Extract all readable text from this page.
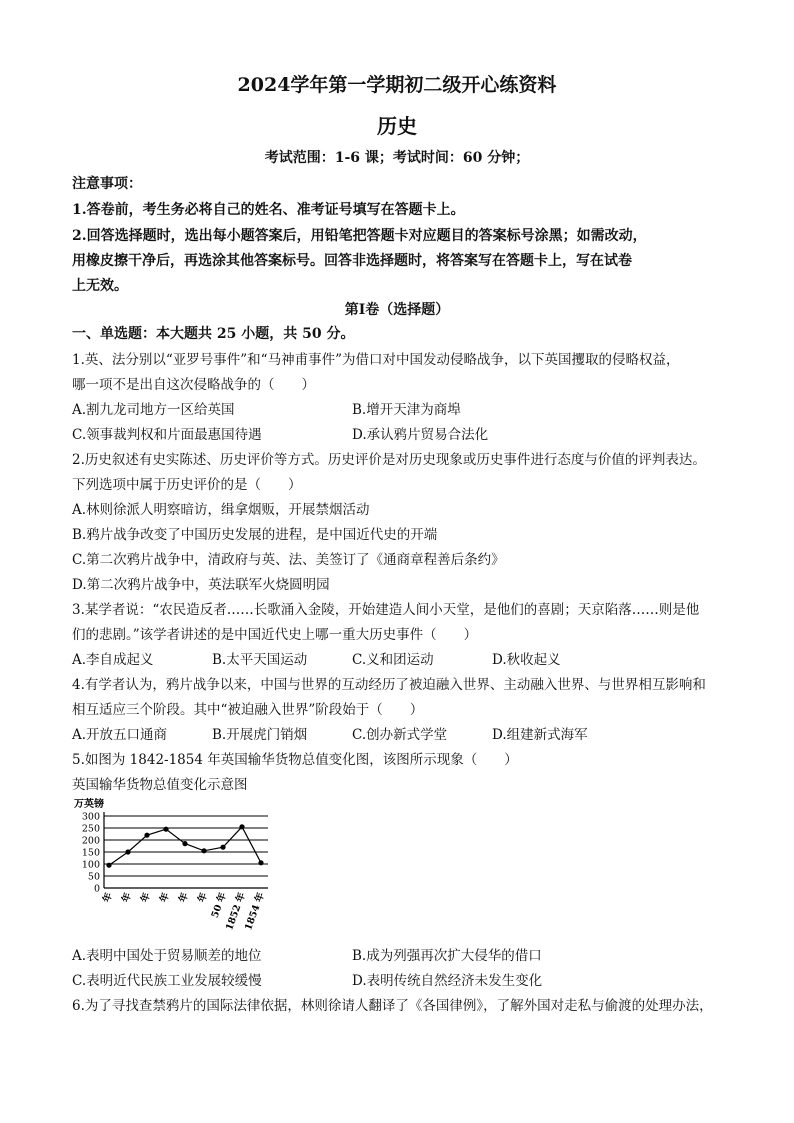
2024学年第一学期初二级开心练资料
历史
考试范围：1-6 课；考试时间：60 分钟；
注意事项：
1.答卷前，考生务必将自己的姓名、准考证号填写在答题卡上。
2.回答选择题时，选出每小题答案后，用铅笔把答题卡对应题目的答案标号涂黑；如需改动，
用橡皮擦干净后，再选涂其他答案标号。回答非选择题时，将答案写在答题卡上，写在试卷
上无效。
第Ⅰ卷（选择题）
一、单选题：本大题共 25 小题，共 50 分。
1.英、法分别以“亚罗号事件”和“马神甫事件”为借口对中国发动侵略战争，以下英国攫取的侵略权益，
哪一项不是出自这次侵略战争的（　　）
A.割九龙司地方一区给英国	B.增开天津为商埠
C.领事裁判权和片面最惠国待遇	D.承认鸦片贸易合法化
2.历史叙述有史实陈述、历史评价等方式。历史评价是对历史现象或历史事件进行态度与价值的评判表达。
下列选项中属于历史评价的是（　　）
A.林则徐派人明察暗访，缉拿烟贩，开展禁烟活动
B.鸦片战争改变了中国历史发展的进程，是中国近代史的开端
C.第二次鸦片战争中，清政府与英、法、美签订了《通商章程善后条约》
D.第二次鸦片战争中，英法联军火烧圆明园
3.某学者说：“农民造反者……长歌涌入金陵，开始建造人间小天堂，是他们的喜剧；天京陷落……则是他
们的悲剧。”该学者讲述的是中国近代史上哪一重大历史事件（　　）
A.李自成起义	B.太平天国运动	C.义和团运动	D.秋收起义
4.有学者认为，鸦片战争以来，中国与世界的互动经历了被迫融入世界、主动融入世界、与世界相互影响和
相互适应三个阶段。其中“被迫融入世界”阶段始于（　　）
A.开放五口通商	B.开展虎门销烟	C.创办新式学堂	D.组建新式海军
5.如图为 1842-1854 年英国输华货物总值变化图，该图所示现象（　　）
英国输华货物总值变化示意图
万英镑
0
50
100
150
200
250
300
年 年 年 年 年 年 50 年
1852 年
1854 年
A.表明中国处于贸易顺差的地位	B.成为列强再次扩大侵华的借口
C.表明近代民族工业发展较缓慢	D.表明传统自然经济未发生变化
6.为了寻找查禁鸦片的国际法律依据，林则徐请人翻译了《各国律例》，了解外国对走私与偷渡的处理办法，
